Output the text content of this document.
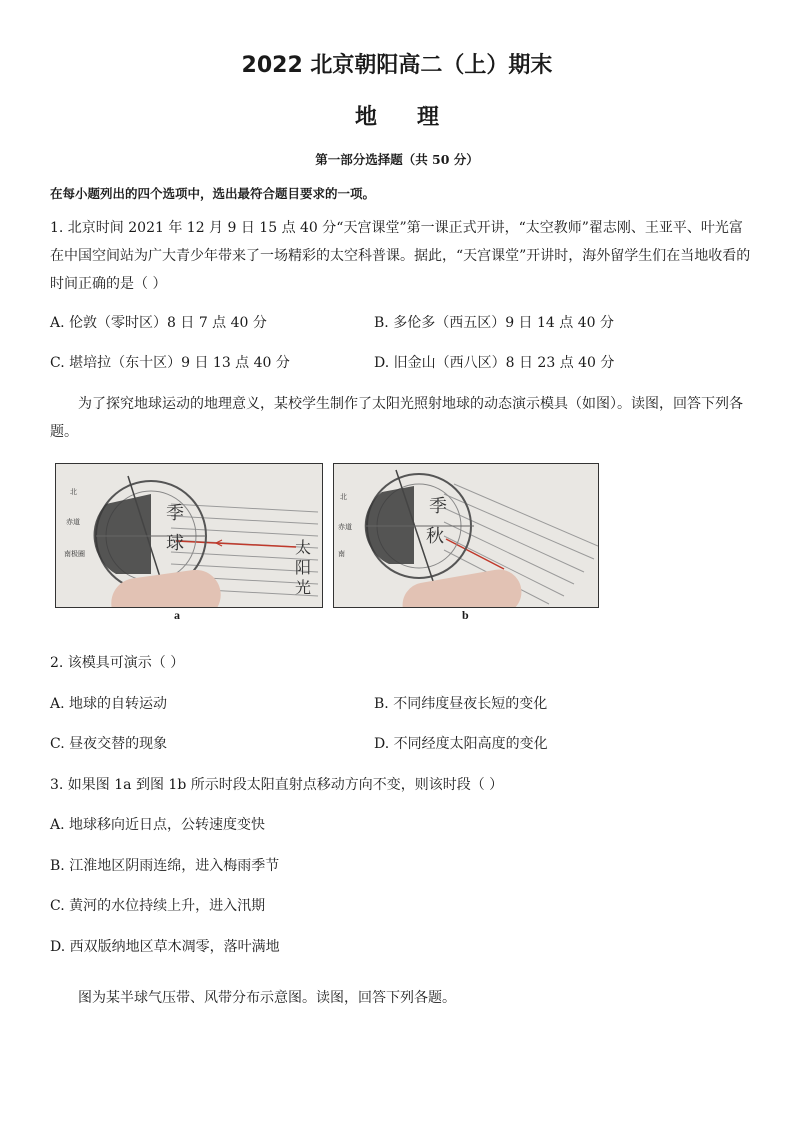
2022 北京朝阳高二（上）期末
地理
第一部分选择题（共 50 分）
在每小题列出的四个选项中，选出最符合题目要求的一项。
1. 北京时间 2021 年 12 月 9 日 15 点 40 分“天宫课堂”第一课正式开讲，“太空教师”翟志刚、王亚平、叶光富在中国空间站为广大青少年带来了一场精彩的太空科普课。据此，“天宫课堂”开讲时，海外留学生们在当地收看的时间正确的是（ ）
A. 伦敦（零时区）8 日 7 点 40 分	B. 多伦多（西五区）9 日 14 点 40 分
C. 堪培拉（东十区）9 日 13 点 40 分	D. 旧金山（西八区）8 日 23 点 40 分
为了探究地球运动的地理意义，某校学生制作了太阳光照射地球的动态演示模具（如图）。读图，回答下列各题。
季
球
北
赤道
南极圈	太
阳
光
季
秋
北
赤道
南
a	b
2. 该模具可演示（ ）
A. 地球的自转运动	B. 不同纬度昼夜长短的变化
C. 昼夜交替的现象	D. 不同经度太阳高度的变化
3. 如果图 1a 到图 1b 所示时段太阳直射点移动方向不变，则该时段（ ）
A. 地球移向近日点，公转速度变快
B. 江淮地区阴雨连绵，进入梅雨季节
C. 黄河的水位持续上升，进入汛期
D. 西双版纳地区草木凋零，落叶满地
图为某半球气压带、风带分布示意图。读图，回答下列各题。
